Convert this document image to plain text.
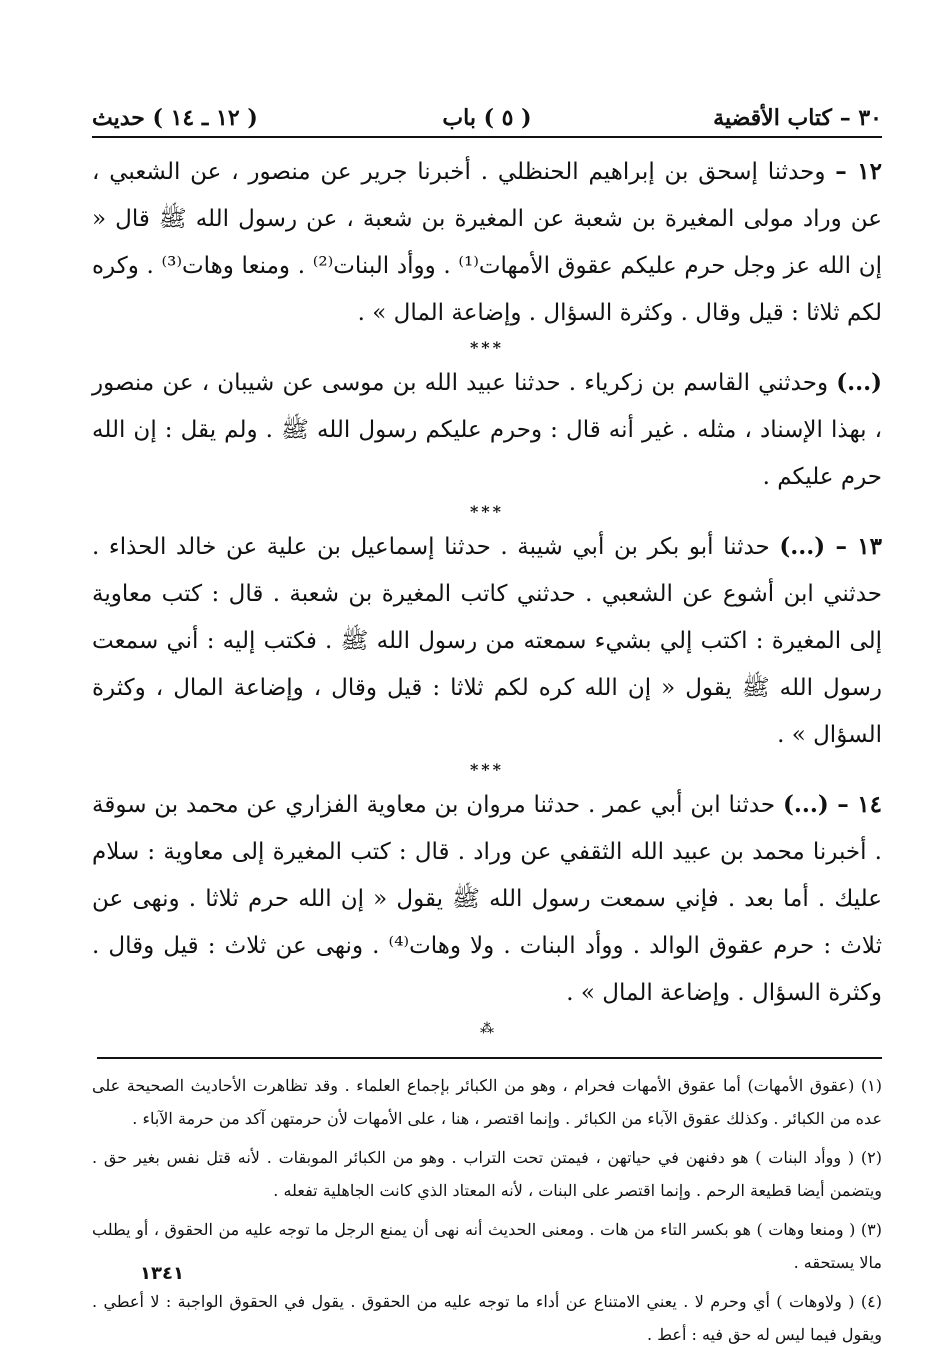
٣٠ – كتاب الأقضية
( ٥ ) باب
( ١٢ ـ ١٤ ) حديث

١٢ – وحدثنا إسحق بن إبراهيم الحنظلي . أخبرنا جرير عن منصور ، عن الشعبي ، عن وراد مولى المغيرة بن شعبة عن المغيرة بن شعبة ، عن رسول الله ﷺ قال « إن الله عز وجل حرم عليكم عقوق الأمهات⁽¹⁾ . ووأد البنات⁽²⁾ . ومنعا وهات⁽³⁾ . وكره لكم ثلاثا : قيل وقال . وكثرة السؤال . وإضاعة المال » .

***

(...) وحدثني القاسم بن زكرياء . حدثنا عبيد الله بن موسى عن شيبان ، عن منصور ، بهذا الإسناد ، مثله . غير أنه قال : وحرم عليكم رسول الله ﷺ . ولم يقل : إن الله حرم عليكم .

***

١٣ – (...) حدثنا أبو بكر بن أبي شيبة . حدثنا إسماعيل بن علية عن خالد الحذاء . حدثني ابن أشوع عن الشعبي . حدثني كاتب المغيرة بن شعبة . قال : كتب معاوية إلى المغيرة : اكتب إلي بشيء سمعته من رسول الله ﷺ . فكتب إليه : أني سمعت رسول الله ﷺ يقول « إن الله كره لكم ثلاثا : قيل وقال ، وإضاعة المال ، وكثرة السؤال » .

***

١٤ – (...) حدثنا ابن أبي عمر . حدثنا مروان بن معاوية الفزاري عن محمد بن سوقة . أخبرنا محمد بن عبيد الله الثقفي عن وراد . قال : كتب المغيرة إلى معاوية : سلام عليك . أما بعد . فإني سمعت رسول الله ﷺ يقول « إن الله حرم ثلاثا . ونهى عن ثلاث : حرم عقوق الوالد . ووأد البنات . ولا وهات⁽⁴⁾ . ونهى عن ثلاث : قيل وقال . وكثرة السؤال . وإضاعة المال » .

⁂

(١) (عقوق الأمهات) أما عقوق الأمهات فحرام ، وهو من الكبائر بإجماع العلماء . وقد تظاهرت الأحاديث الصحيحة على عده من الكبائر . وكذلك عقوق الآباء من الكبائر . وإنما اقتصر ، هنا ، على الأمهات لأن حرمتهن آكد من حرمة الآباء .

(٢) ( ووأد البنات ) هو دفنهن في حياتهن ، فيمتن تحت التراب . وهو من الكبائر الموبقات . لأنه قتل نفس بغير حق . ويتضمن أيضا قطيعة الرحم . وإنما اقتصر على البنات ، لأنه المعتاد الذي كانت الجاهلية تفعله .

(٣) ( ومنعا وهات ) هو بكسر التاء من هات . ومعنى الحديث أنه نهى أن يمنع الرجل ما توجه عليه من الحقوق ، أو يطلب مالا يستحقه .

(٤) ( ولاوهات ) أي وحرم لا . يعني الامتناع عن أداء ما توجه عليه من الحقوق . يقول في الحقوق الواجبة : لا أعطي . ويقول فيما ليس له حق فيه : أعط .

١٣٤١
